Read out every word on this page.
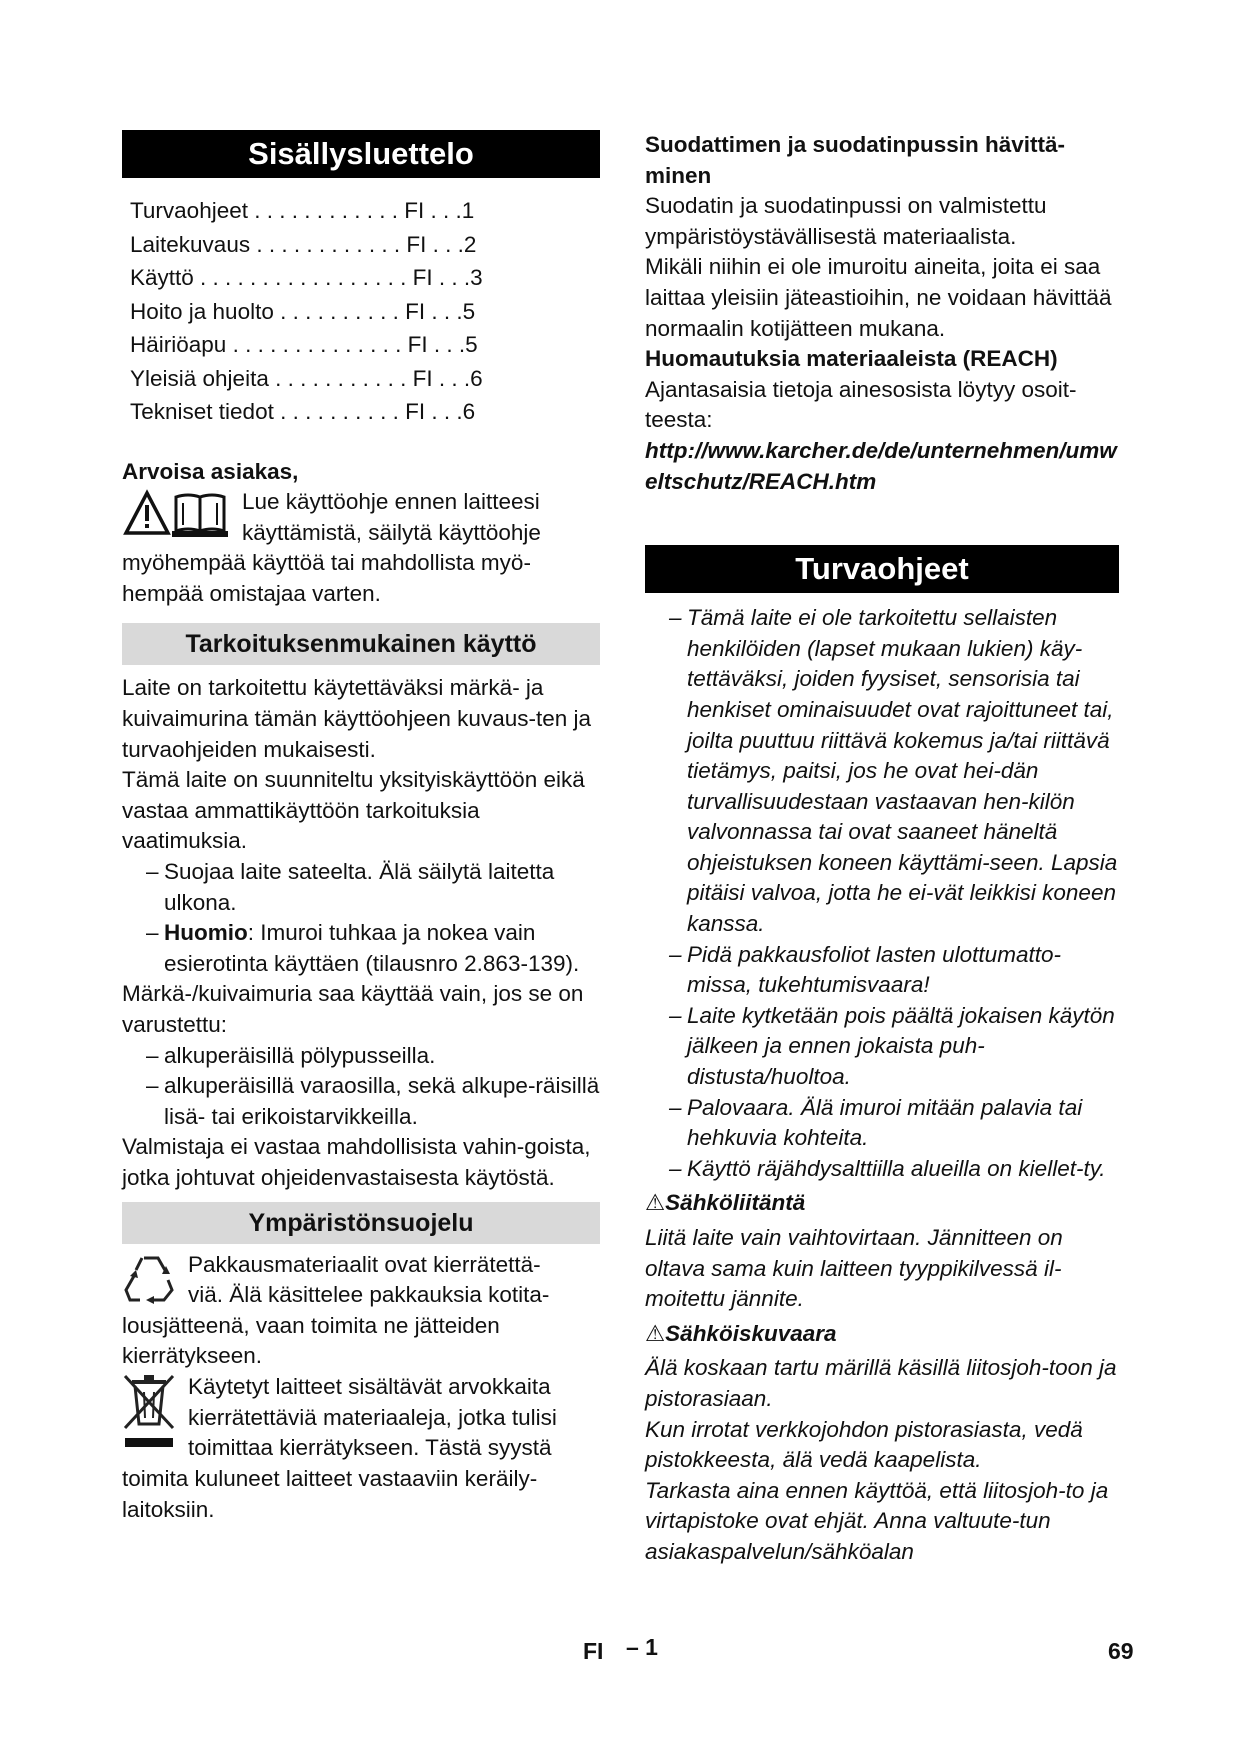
Sisällysluettelo
Turvaohjeet . . . . . . . . . . . . FI . . .1
Laitekuvaus . . . . . . . . . . . . FI . . .2
Käyttö . . . . . . . . . . . . . . . . . FI . . .3
Hoito ja huolto . . . . . . . . . . FI . . .5
Häiriöapu . . . . . . . . . . . . . . FI . . .5
Yleisiä ohjeita . . . . . . . . . . . FI . . .6
Tekniset tiedot . . . . . . . . . . FI . . .6

Arvoisa asiakas,

Lue käyttöohje ennen laitteesi

käyttämistä, säilytä käyttöohje

myöhempää käyttöä tai mahdollista myö-hempää omistajaa varten.

Tarkoituksenmukainen käyttö

Laite on tarkoitettu käytettäväksi märkä- ja kuivaimurina tämän käyttöohjeen kuvaus-ten ja turvaohjeiden mukaisesti.

Tämä laite on suunniteltu yksityiskäyttöön eikä vastaa ammattikäyttöön tarkoituksia vaatimuksia.

– Suojaa laite sateelta. Älä säilytä laitetta ulkona.

– Huomio: Imuroi tuhkaa ja nokea vain esierotinta käyttäen (tilausnro 2.863-139).

Märkä-/kuivaimuria saa käyttää vain, jos se on varustettu:

– alkuperäisillä pölypusseilla.

– alkuperäisillä varaosilla, sekä alkupe-räisillä lisä- tai erikoistarvikkeilla.

Valmistaja ei vastaa mahdollisista vahin-goista, jotka johtuvat ohjeidenvastaisesta käytöstä.

Ympäristönsuojelu

Pakkausmateriaalit ovat kierrätettä-

viä. Älä käsittelee pakkauksia kotita-

lousjätteenä, vaan toimita ne jätteiden kierrätykseen.

Käytetyt laitteet sisältävät arvokkaita

kierrätettäviä materiaaleja, jotka tulisi

toimittaa kierrätykseen. Tästä syystä

toimita kuluneet laitteet vastaaviin keräily-laitoksiin.

Suodattimen ja suodatinpussin hävittä-minen

Suodatin ja suodatinpussi on valmistettu ympäristöystävällisestä materiaalista.

Mikäli niihin ei ole imuroitu aineita, joita ei saa laittaa yleisiin jäteastioihin, ne voidaan hävittää normaalin kotijätteen mukana.

Huomautuksia materiaaleista (REACH)

Ajantasaisia tietoja ainesosista löytyy osoit-teesta:

http://www.karcher.de/de/unternehmen/umweltschutz/REACH.htm

Turvaohjeet

– Tämä laite ei ole tarkoitettu sellaisten henkilöiden (lapset mukaan lukien) käy-tettäväksi, joiden fyysiset, sensorisia tai henkiset ominaisuudet ovat rajoittuneet tai, joilta puuttuu riittävä kokemus ja/tai riittävä tietämys, paitsi, jos he ovat hei-dän turvallisuudestaan vastaavan hen-kilön valvonnassa tai ovat saaneet häneltä ohjeistuksen koneen käyttämi-seen. Lapsia pitäisi valvoa, jotta he ei-vät leikkisi koneen kanssa.

– Pidä pakkausfoliot lasten ulottumatto-missa, tukehtumisvaara!

– Laite kytketään pois päältä jokaisen käytön jälkeen ja ennen jokaista puh-distusta/huoltoa.

– Palovaara. Älä imuroi mitään palavia tai hehkuvia kohteita.

– Käyttö räjähdysalttiilla alueilla on kiellet-ty.

⚠Sähköliitäntä

Liitä laite vain vaihtovirtaan. Jännitteen on oltava sama kuin laitteen tyyppikilvessä il-moitettu jännite.

⚠Sähköiskuvaara

Älä koskaan tartu märillä käsillä liitosjoh-toon ja pistorasiaan.

Kun irrotat verkkojohdon pistorasiasta, vedä pistokkeesta, älä vedä kaapelista.

Tarkasta aina ennen käyttöä, että liitosjoh-to ja virtapistoke ovat ehjät. Anna valtuute-tun asiakaspalvelun/sähköalan

FI – 1	69
